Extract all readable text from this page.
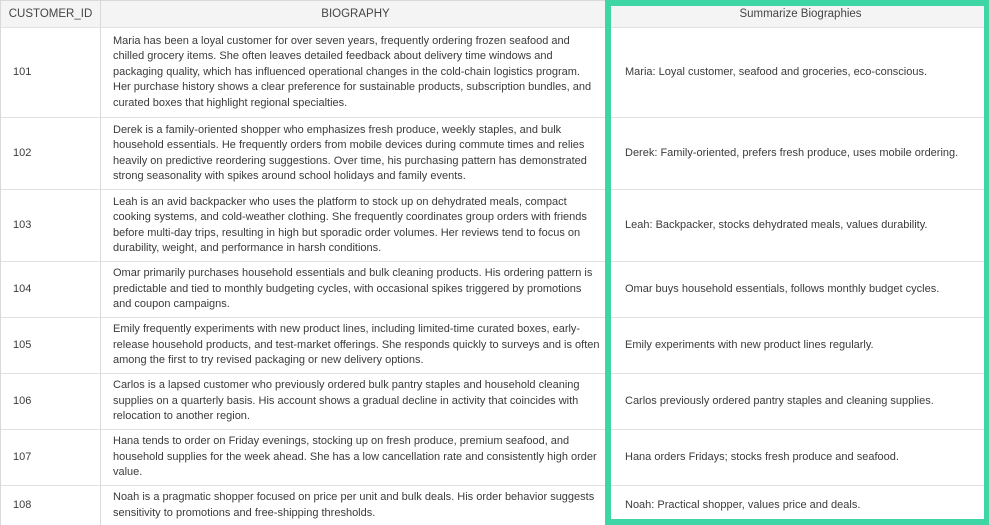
CUSTOMER_ID	BIOGRAPHY	Summarize Biographies
101
Maria has been a loyal customer for over seven years, frequently ordering frozen seafood and chilled grocery items. She often leaves detailed feedback about delivery time windows and packaging quality, which has influenced operational changes in the cold-chain logistics program. Her purchase history shows a clear preference for sustainable products, subscription bundles, and curated boxes that highlight regional specialties.
Maria: Loyal customer, seafood and groceries, eco-conscious.
102
Derek is a family-oriented shopper who emphasizes fresh produce, weekly staples, and bulk household essentials. He frequently orders from mobile devices during commute times and relies heavily on predictive reordering suggestions. Over time, his purchasing pattern has demonstrated strong seasonality with spikes around school holidays and family events.
Derek: Family-oriented, prefers fresh produce, uses mobile ordering.
103
Leah is an avid backpacker who uses the platform to stock up on dehydrated meals, compact cooking systems, and cold-weather clothing. She frequently coordinates group orders with friends before multi-day trips, resulting in high but sporadic order volumes. Her reviews tend to focus on durability, weight, and performance in harsh conditions.
Leah: Backpacker, stocks dehydrated meals, values durability.
104
Omar primarily purchases household essentials and bulk cleaning products. His ordering pattern is predictable and tied to monthly budgeting cycles, with occasional spikes triggered by promotions and coupon campaigns.
Omar buys household essentials, follows monthly budget cycles.
105
Emily frequently experiments with new product lines, including limited-time curated boxes, early-release household products, and test-market offerings. She responds quickly to surveys and is often among the first to try revised packaging or new delivery options.
Emily experiments with new product lines regularly.
106
Carlos is a lapsed customer who previously ordered bulk pantry staples and household cleaning supplies on a quarterly basis. His account shows a gradual decline in activity that coincides with relocation to another region.
Carlos previously ordered pantry staples and cleaning supplies.
107
Hana tends to order on Friday evenings, stocking up on fresh produce, premium seafood, and household supplies for the week ahead. She has a low cancellation rate and consistently high order value.
Hana orders Fridays; stocks fresh produce and seafood.
108
Noah is a pragmatic shopper focused on price per unit and bulk deals. His order behavior suggests sensitivity to promotions and free-shipping thresholds.
Noah: Practical shopper, values price and deals.
